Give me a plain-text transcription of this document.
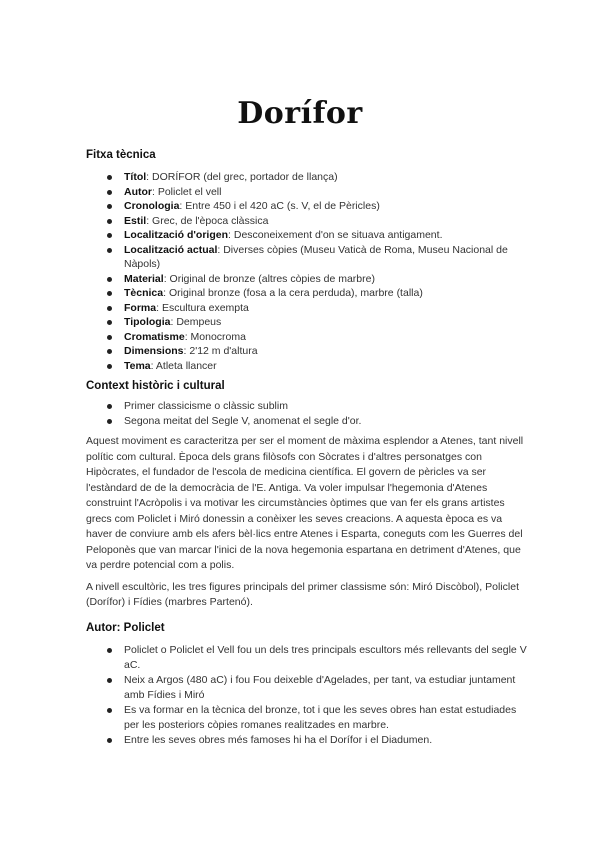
Dorífor
Fitxa tècnica
Títol: DORÍFOR (del grec, portador de llança)
Autor: Policlet el vell
Cronologia: Entre 450 i el 420 aC (s. V, el de Pèricles)
Estil: Grec, de l'època clàssica
Localització d'origen: Desconeixement d'on se situava antigament.
Localització actual: Diverses còpies (Museu Vaticà de Roma, Museu Nacional de Nàpols)
Material: Original de bronze (altres còpies de marbre)
Tècnica: Original bronze (fosa a la cera perduda), marbre (talla)
Forma: Escultura exempta
Tipologia: Dempeus
Cromatisme: Monocroma
Dimensions: 2'12 m d'altura
Tema: Atleta llancer
Context històric i cultural
Primer classicisme o clàssic sublim
Segona meitat del Segle V, anomenat el segle d'or.

Aquest moviment es caracteritza per ser el moment de màxima esplendor a Atenes, tant nivell polític com cultural. Època dels grans filòsofs con Sòcrates i d'altres personatges con Hipòcrates, el fundador de l'escola de medicina científica. El govern de pèricles va ser l'estàndard de de la democràcia de l'E. Antiga. Va voler impulsar l'hegemonia d'Atenes construint l'Acròpolis i va motivar les circumstàncies òptimes que van fer els grans artistes grecs com Policlet i Miró donessin a conèixer les seves creacions. A aquesta època es va haver de conviure amb els afers bèl·lics entre Atenes i Esparta, coneguts com les Guerres del Peloponès que van marcar l'inici de la nova hegemonia espartana en detriment d'Atenes, que va perdre potencial com a polis.

A nivell escultòric, les tres figures principals del primer classisme són: Miró Discòbol), Policlet (Dorífor) i Fídies (marbres Partenó).

Autor: Policlet
Policlet o Policlet el Vell fou un dels tres principals escultors més rellevants del segle V aC.
Neix a Argos (480 aC) i fou Fou deixeble d'Agelades, per tant, va estudiar juntament amb Fídies i Miró
Es va formar en la tècnica del bronze, tot i que les seves obres han estat estudiades per les posteriors còpies romanes realitzades en marbre.
Entre les seves obres més famoses hi ha el Dorífor i el Diadumen.
